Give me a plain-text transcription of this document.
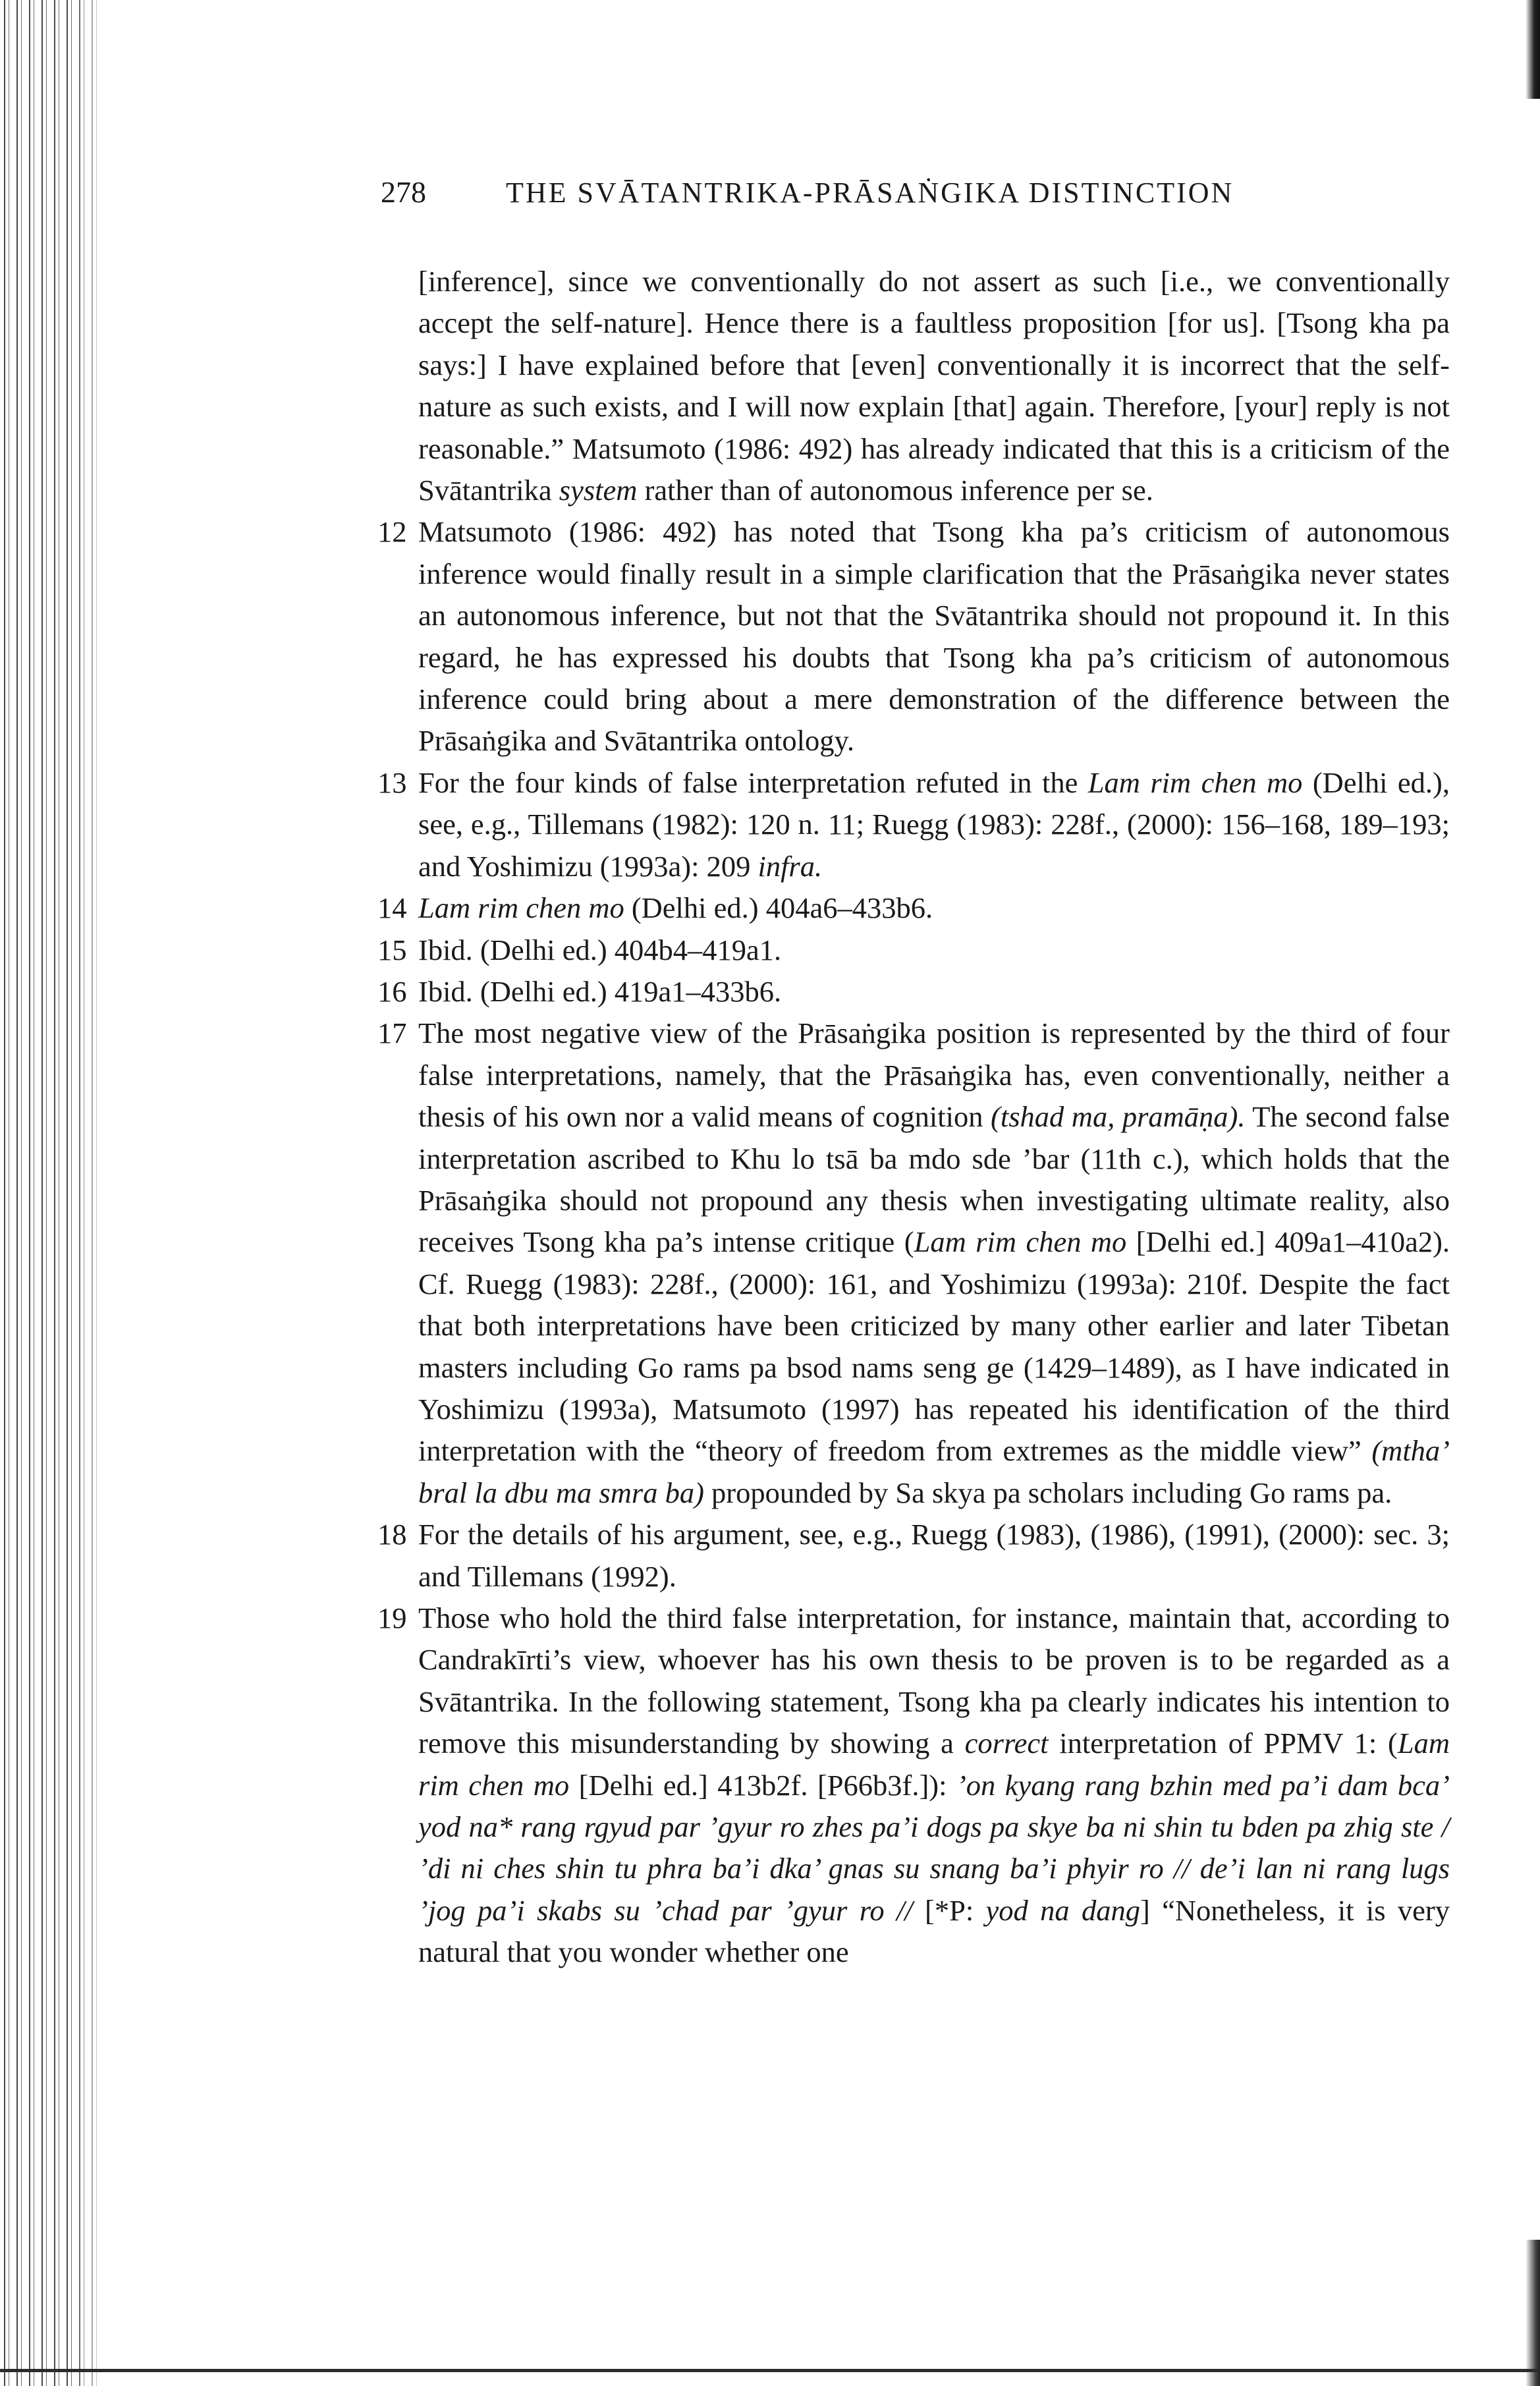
278	THE SVĀTANTRIKA-PRĀSAṄGIKA DISTINCTION

[inference], since we conventionally do not assert as such [i.e., we conventionally accept the self-nature]. Hence there is a faultless proposition [for us]. [Tsong kha pa says:] I have explained before that [even] conventionally it is incorrect that the self-nature as such exists, and I will now explain [that] again. Therefore, [your] reply is not reasonable.” Matsumoto (1986: 492) has already indicated that this is a criticism of the Svātantrika system rather than of autonomous inference per se.

12 Matsumoto (1986: 492) has noted that Tsong kha pa’s criticism of autonomous inference would finally result in a simple clarification that the Prāsaṅgika never states an autonomous inference, but not that the Svātantrika should not propound it. In this regard, he has expressed his doubts that Tsong kha pa’s criticism of autonomous inference could bring about a mere demonstration of the difference between the Prāsaṅgika and Svātantrika ontology.

13 For the four kinds of false interpretation refuted in the Lam rim chen mo (Delhi ed.), see, e.g., Tillemans (1982): 120 n. 11; Ruegg (1983): 228f., (2000): 156–168, 189–193; and Yoshimizu (1993a): 209 infra.

14 Lam rim chen mo (Delhi ed.) 404a6–433b6.

15 Ibid. (Delhi ed.) 404b4–419a1.

16 Ibid. (Delhi ed.) 419a1–433b6.

17 The most negative view of the Prāsaṅgika position is represented by the third of four false interpretations, namely, that the Prāsaṅgika has, even conventionally, neither a thesis of his own nor a valid means of cognition (tshad ma, pramāṇa). The second false interpretation ascribed to Khu lo tsā ba mdo sde ’bar (11th c.), which holds that the Prāsaṅgika should not propound any thesis when investigating ultimate reality, also receives Tsong kha pa’s intense critique (Lam rim chen mo [Delhi ed.] 409a1–410a2). Cf. Ruegg (1983): 228f., (2000): 161, and Yoshimizu (1993a): 210f. Despite the fact that both interpretations have been criticized by many other earlier and later Tibetan masters including Go rams pa bsod nams seng ge (1429–1489), as I have indicated in Yoshimizu (1993a), Matsumoto (1997) has repeated his identification of the third interpretation with the “theory of freedom from extremes as the middle view” (mtha’ bral la dbu ma smra ba) propounded by Sa skya pa scholars including Go rams pa.

18 For the details of his argument, see, e.g., Ruegg (1983), (1986), (1991), (2000): sec. 3; and Tillemans (1992).

19 Those who hold the third false interpretation, for instance, maintain that, according to Candrakīrti’s view, whoever has his own thesis to be proven is to be regarded as a Svātantrika. In the following statement, Tsong kha pa clearly indicates his intention to remove this misunderstanding by showing a correct interpretation of PPMV 1: (Lam rim chen mo [Delhi ed.] 413b2f. [P66b3f.]): ’on kyang rang bzhin med pa’i dam bca’ yod na* rang rgyud par ’gyur ro zhes pa’i dogs pa skye ba ni shin tu bden pa zhig ste / ’di ni ches shin tu phra ba’i dka’ gnas su snang ba’i phyir ro // de’i lan ni rang lugs ’jog pa’i skabs su ’chad par ’gyur ro // [*P: yod na dang] “Nonetheless, it is very natural that you wonder whether one
